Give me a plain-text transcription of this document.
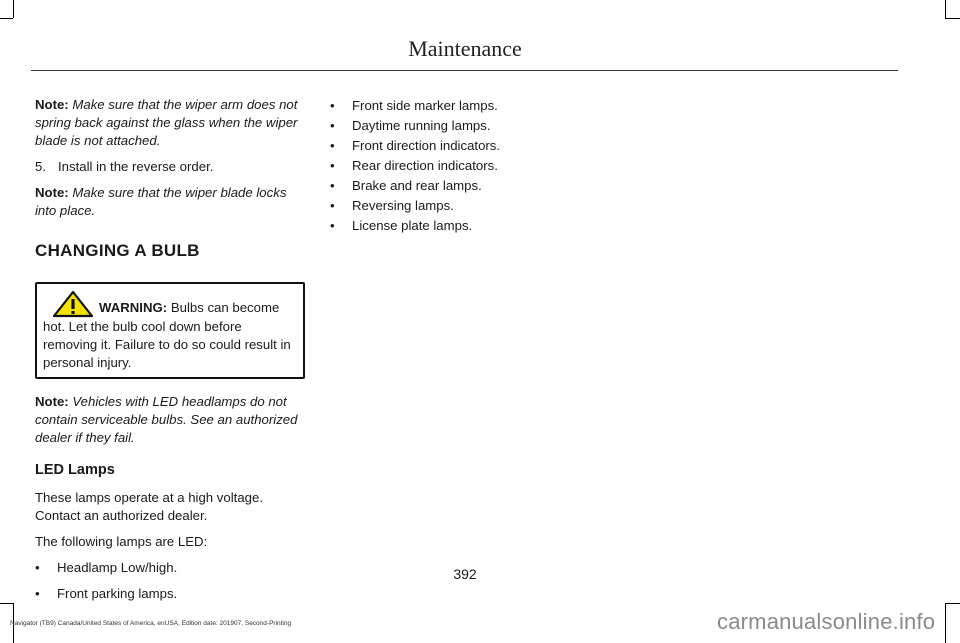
Maintenance

Note: Make sure that the wiper arm does not spring back against the glass when the wiper blade is not attached.

5. Install in the reverse order.

Note: Make sure that the wiper blade locks into place.

CHANGING A BULB
WARNING: Bulbs can become hot. Let the bulb cool down before removing it. Failure to do so could result in personal injury.

Note: Vehicles with LED headlamps do not contain serviceable bulbs. See an authorized dealer if they fail.

LED Lamps

These lamps operate at a high voltage. Contact an authorized dealer.

The following lamps are LED:

• Headlamp Low/high.
• Front parking lamps.
• Front side marker lamps.
• Daytime running lamps.
• Front direction indicators.
• Rear direction indicators.
• Brake and rear lamps.
• Reversing lamps.
• License plate lamps.
392
Navigator (TB9) Canada/United States of America, enUSA, Edition date: 201907, Second-Printing	carmanualsonline.info
